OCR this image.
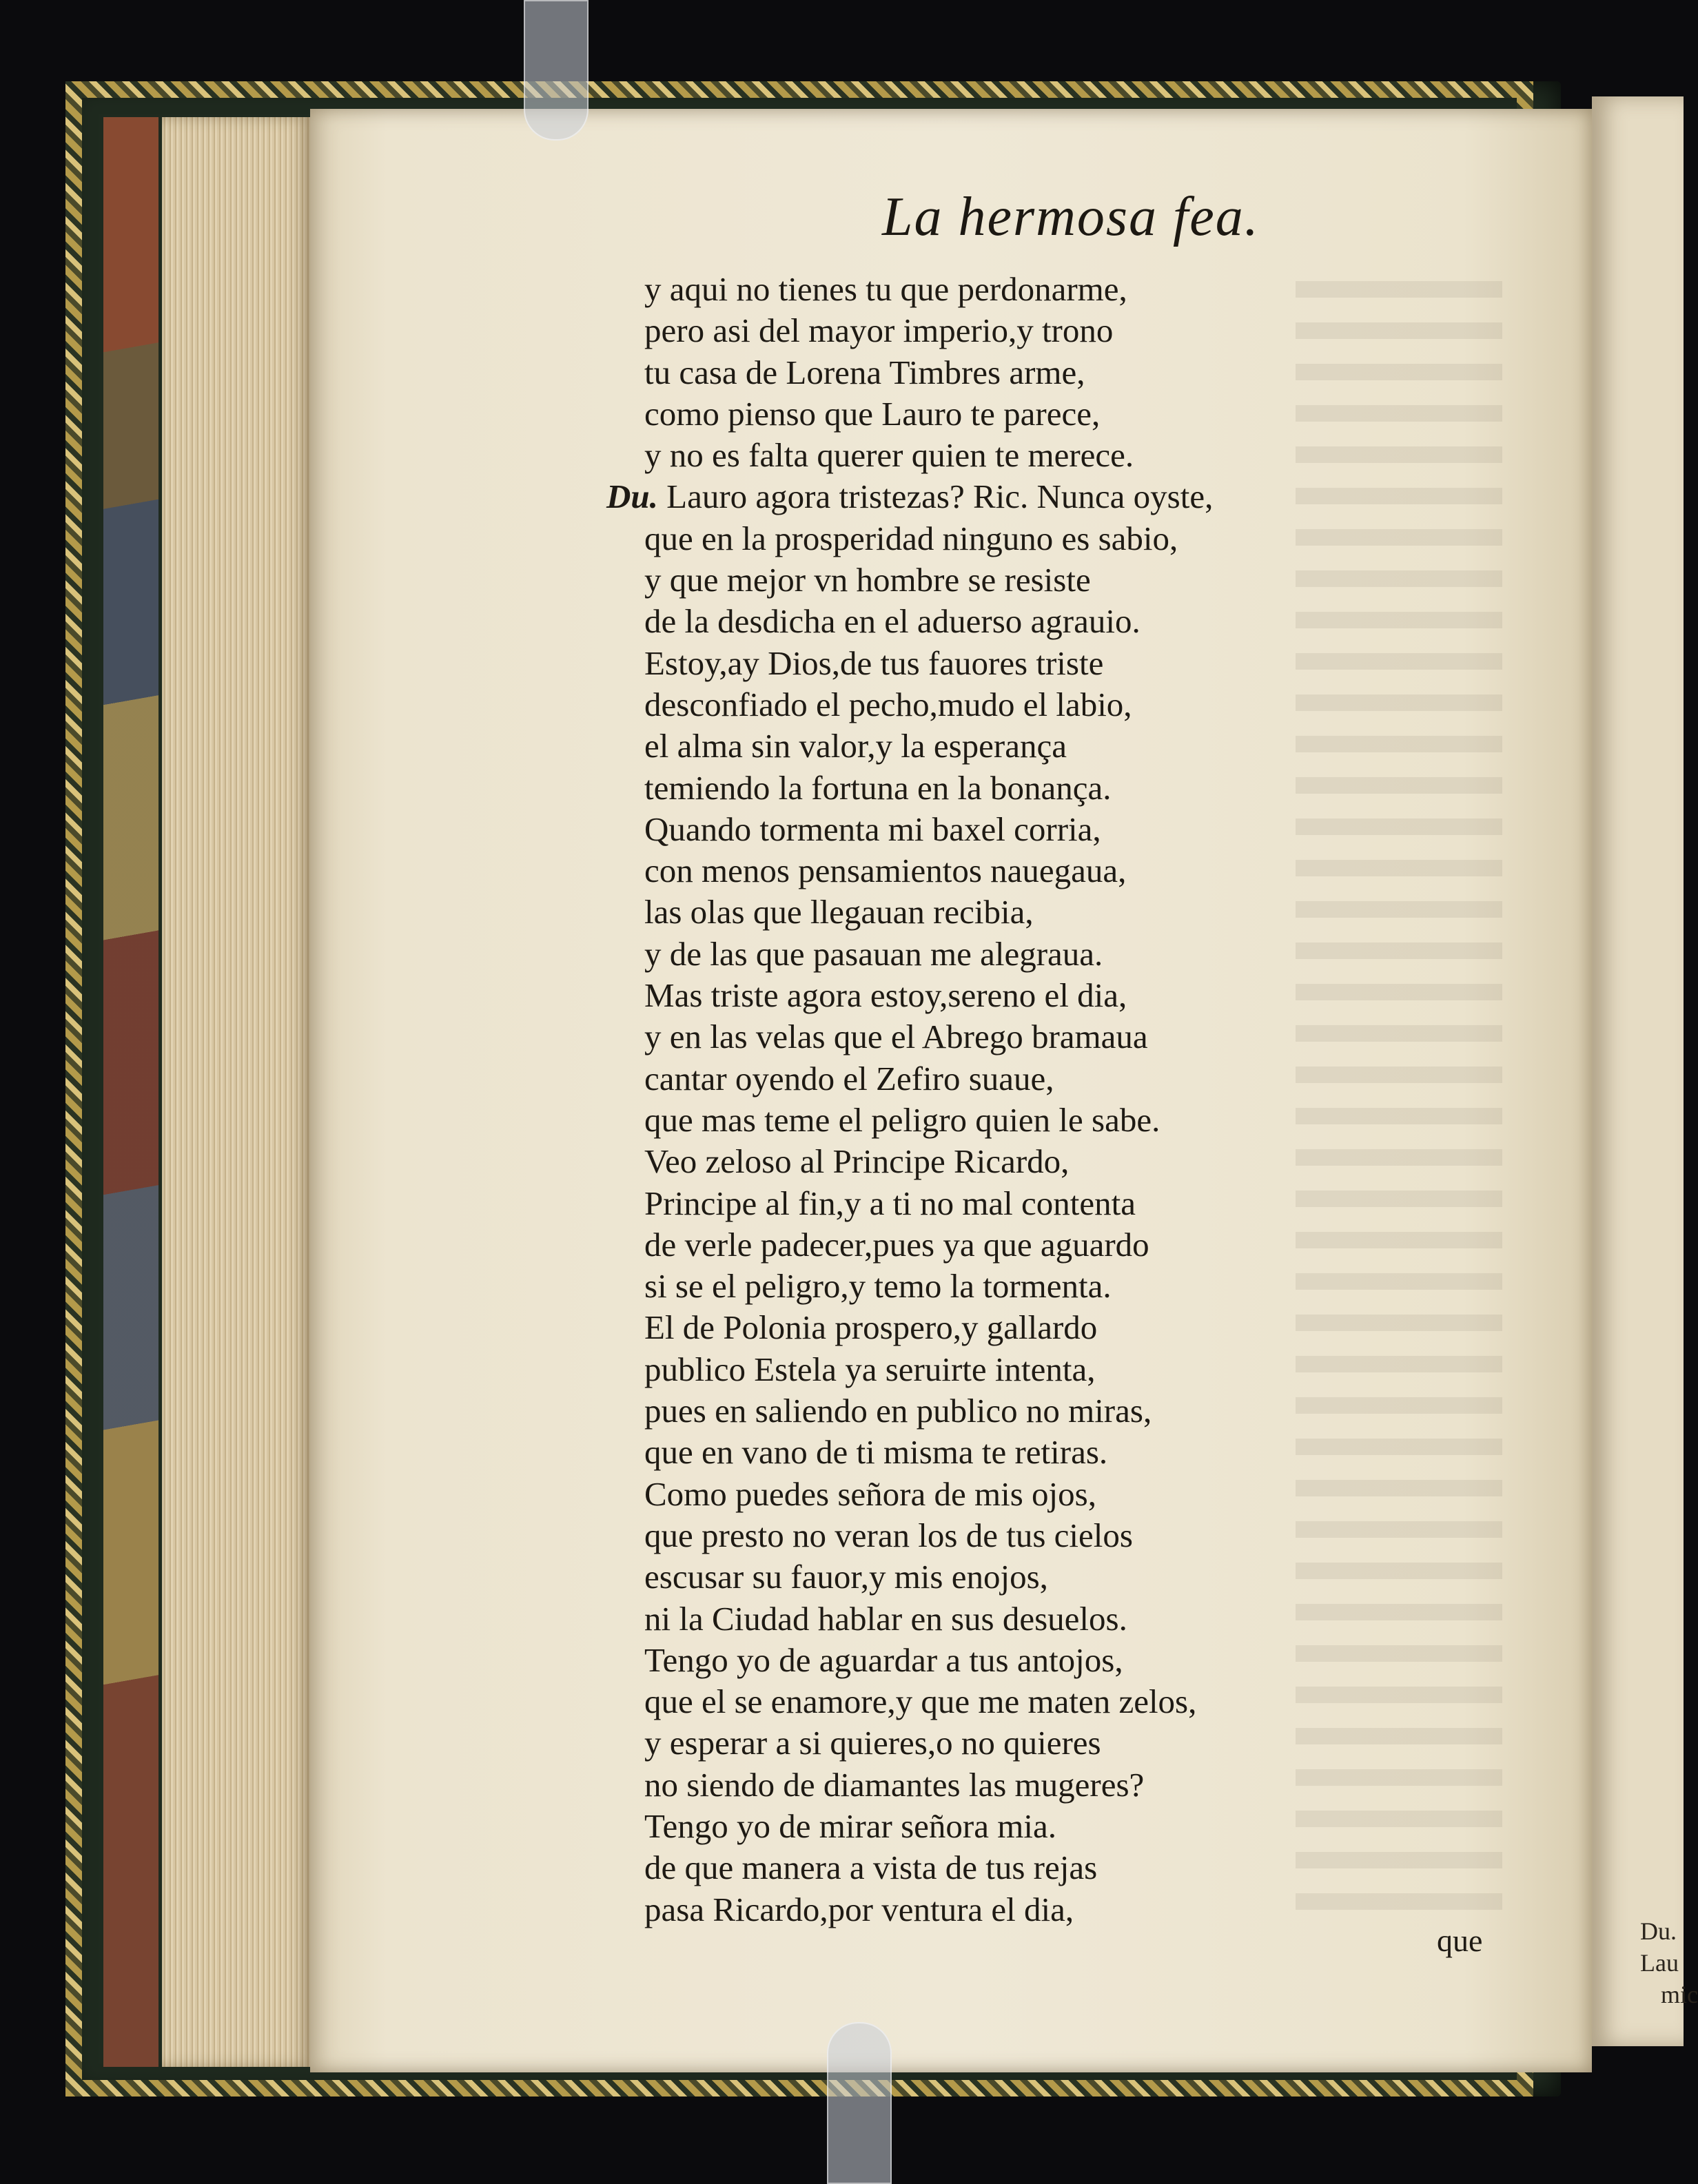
Du. Lau
mic
La hermosa fea.
y aqui no tienes tu que perdonarme,
pero asi del mayor imperio,y trono
tu casa de Lorena Timbres arme,
como pienso que Lauro te parece,
y no es falta querer quien te merece.
Du. Lauro agora tristezas? Ric. Nunca oyste,
que en la prosperidad ninguno es sabio,
y que mejor vn hombre se resiste
de la desdicha en el aduerso agrauio.
Estoy,ay Dios,de tus fauores triste
desconfiado el pecho,mudo el labio,
el alma sin valor,y la esperança
temiendo la fortuna en la bonança.
Quando tormenta mi baxel corria,
con menos pensamientos nauegaua,
las olas que llegauan recibia,
y de las que pasauan me alegraua.
Mas triste agora estoy,sereno el dia,
y en las velas que el Abrego bramaua
cantar oyendo el Zefiro suaue,
que mas teme el peligro quien le sabe.
Veo zeloso al Principe Ricardo,
Principe al fin,y a ti no mal contenta
de verle padecer,pues ya que aguardo
si se el peligro,y temo la tormenta.
El de Polonia prospero,y gallardo
publico Estela ya seruirte intenta,
pues en saliendo en publico no miras,
que en vano de ti misma te retiras.
Como puedes señora de mis ojos,
que presto no veran los de tus cielos
escusar su fauor,y mis enojos,
ni la Ciudad hablar en sus desuelos.
Tengo yo de aguardar a tus antojos,
que el se enamore,y que me maten zelos,
y esperar a si quieres,o no quieres
no siendo de diamantes las mugeres?
Tengo yo de mirar señora mia.
de que manera a vista de tus rejas
pasa Ricardo,por ventura el dia,
que
